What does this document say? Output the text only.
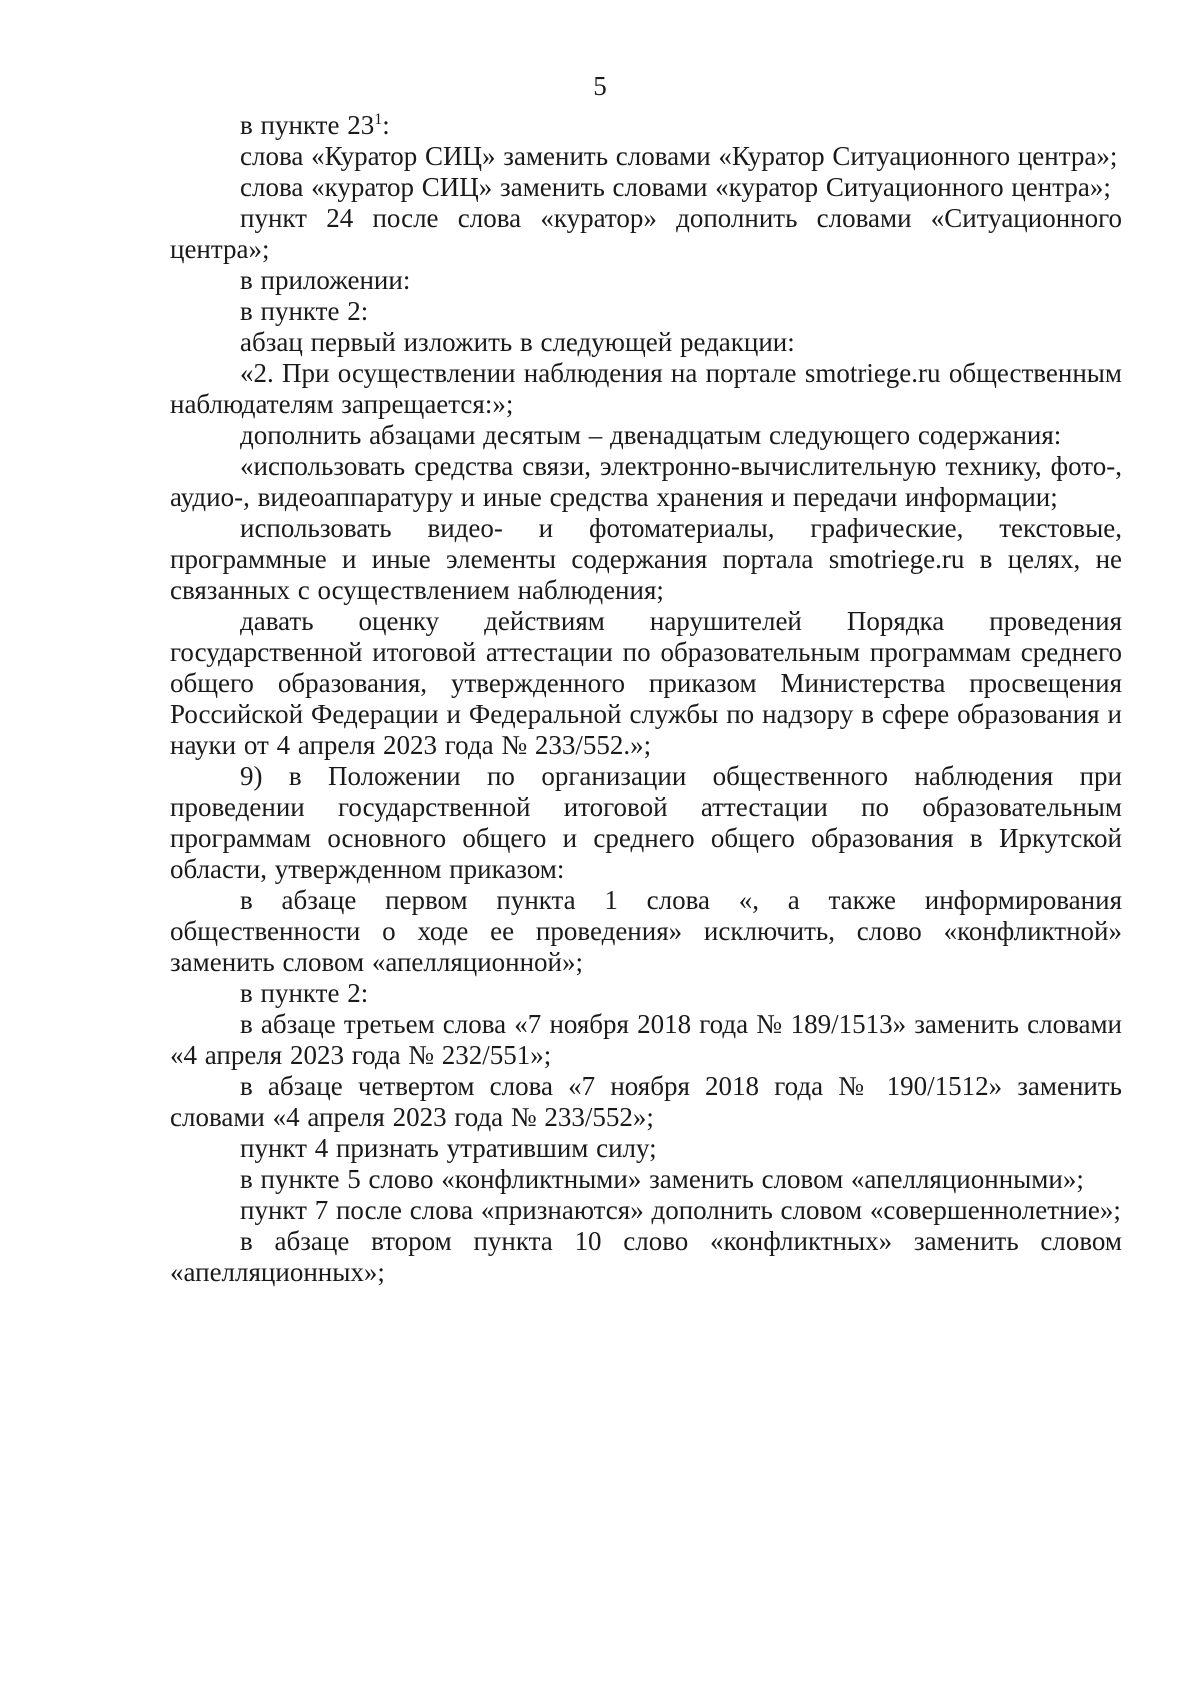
5

в пункте $23^1$:

слова «Куратор СИЦ» заменить словами «Куратор Ситуационного центра»;

слова «куратор СИЦ» заменить словами «куратор Ситуационного центра»;

пункт 24 после слова «куратор» дополнить словами «Ситуационного центра»;

в приложении:

в пункте 2:

абзац первый изложить в следующей редакции:

«2. При осуществлении наблюдения на портале smotriege.ru общественным наблюдателям запрещается:»;

дополнить абзацами десятым – двенадцатым следующего содержания:

«использовать средства связи, электронно-вычислительную технику, фото-, аудио-, видеоаппаратуру и иные средства хранения и передачи информации;

использовать видео- и фотоматериалы, графические, текстовые, программные и иные элементы содержания портала smotriege.ru в целях, не связанных с осуществлением наблюдения;

давать оценку действиям нарушителей Порядка проведения государственной итоговой аттестации по образовательным программам среднего общего образования, утвержденного приказом Министерства просвещения Российской Федерации и Федеральной службы по надзору в сфере образования и науки от 4 апреля 2023 года № 233/552.»;

9) в Положении по организации общественного наблюдения при проведении государственной итоговой аттестации по образовательным программам основного общего и среднего общего образования в Иркутской области, утвержденном приказом:

в абзаце первом пункта 1 слова «, а также информирования общественности о ходе ее проведения» исключить, слово «конфликтной» заменить словом «апелляционной»;

в пункте 2:

в абзаце третьем слова «7 ноября 2018 года № 189/1513» заменить словами «4 апреля 2023 года № 232/551»;

в абзаце четвертом слова «7 ноября 2018 года № 190/1512» заменить словами «4 апреля 2023 года № 233/552»;

пункт 4 признать утратившим силу;

в пункте 5 слово «конфликтными» заменить словом «апелляционными»;

пункт 7 после слова «признаются» дополнить словом «совершеннолетние»;

в абзаце втором пункта 10 слово «конфликтных» заменить словом «апелляционных»;
